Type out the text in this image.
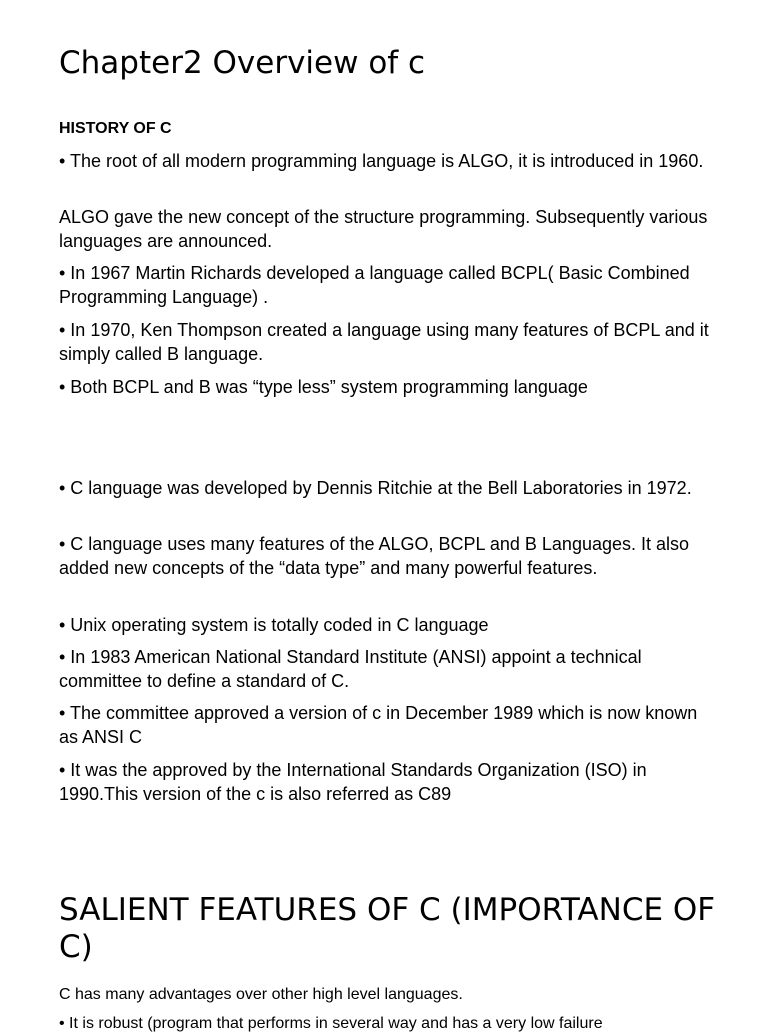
Chapter2 Overview of c
HISTORY OF C

• The root of all modern programming language is ALGO, it is introduced in 1960.

ALGO gave the new concept of the structure programming. Subsequently various languages are announced.

• In 1967 Martin Richards developed a language called BCPL( Basic Combined Programming Language) .

• In 1970, Ken Thompson created a language using many features of BCPL and it simply called B language.

• Both BCPL and B was “type less” system programming language

• C language was developed by Dennis Ritchie at the Bell Laboratories in 1972.

• C language uses many features of the ALGO, BCPL and B Languages. It also added new concepts of the “data type” and many powerful features.

• Unix operating system is totally coded in C language

• In 1983 American National Standard Institute (ANSI) appoint a technical committee to define a standard of C.

• The committee approved a version of c in December 1989 which is now known as ANSI C

• It was the approved by the International Standards Organization (ISO) in 1990.This version of the c is also referred as C89

SALIENT FEATURES OF C (IMPORTANCE OF C)

C has many advantages over other high level languages.

• It is robust (program that performs in several way and has a very low failure
